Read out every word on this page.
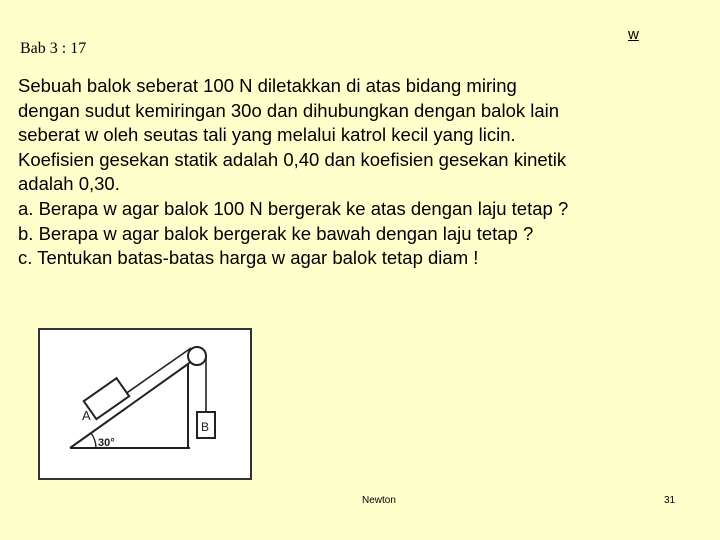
Bab 3 : 17
w
Sebuah balok seberat 100 N diletakkan di atas bidang miring
dengan sudut kemiringan 30o dan dihubungkan dengan balok lain
seberat w oleh seutas tali yang melalui katrol kecil yang licin.
Koefisien gesekan statik adalah 0,40 dan koefisien gesekan kinetik
adalah 0,30.
a. Berapa w agar balok 100 N bergerak ke atas dengan laju tetap ?
b. Berapa w agar balok bergerak ke bawah dengan laju tetap ?
c. Tentukan batas-batas harga w agar balok tetap diam !
A
B
30°
Newton	31
